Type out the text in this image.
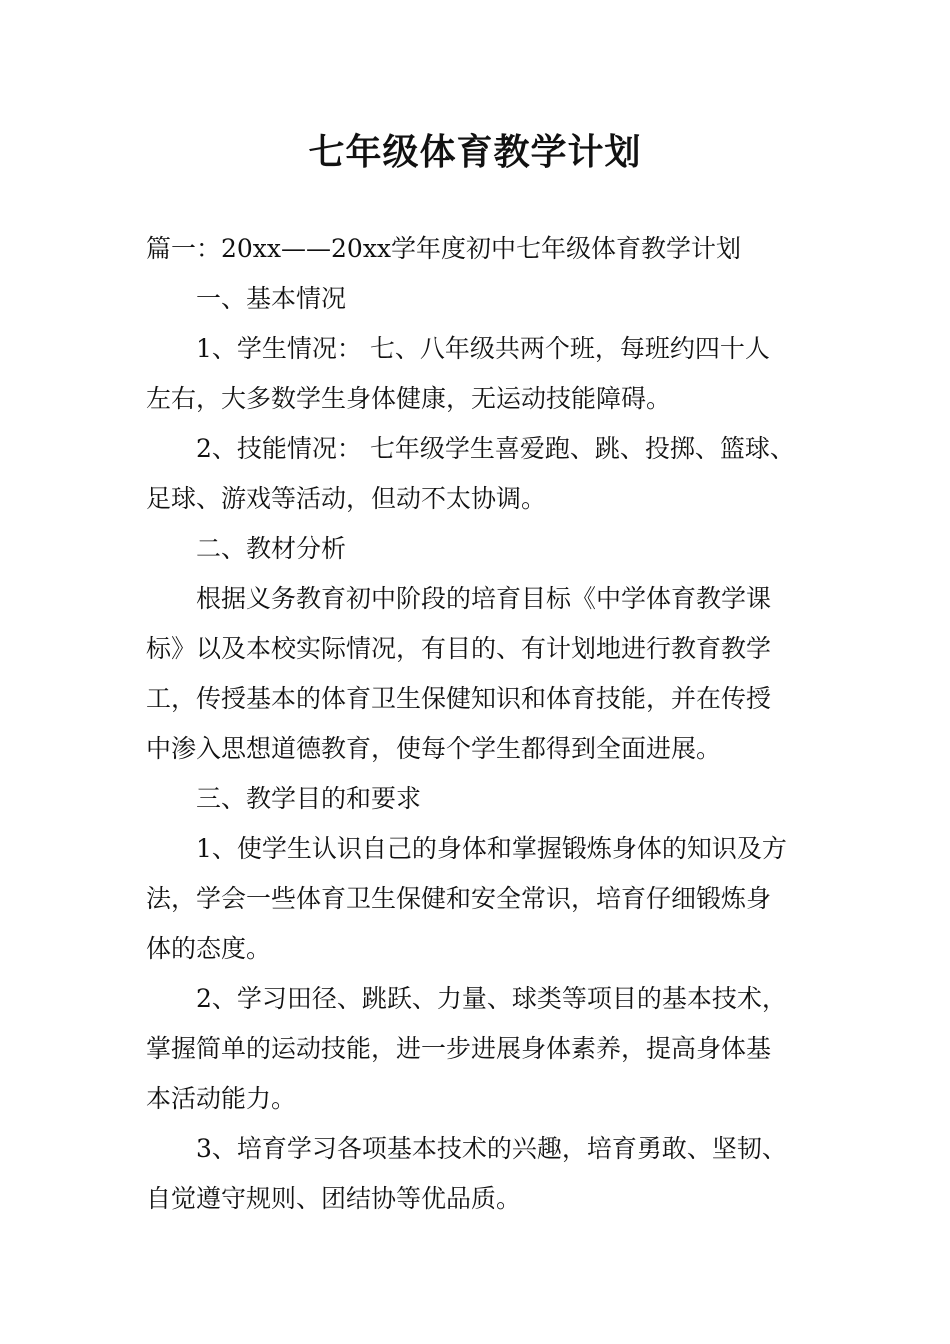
七年级体育教学计划

篇一：20xx——20xx学年度初中七年级体育教学计划

一、基本情况

1、学生情况： 七、八年级共两个班，每班约四十人

左右，大多数学生身体健康，无运动技能障碍。

2、技能情况： 七年级学生喜爱跑、跳、投掷、篮球、

足球、游戏等活动，但动不太协调。

二、教材分析

根据义务教育初中阶段的培育目标《中学体育教学课

标》以及本校实际情况，有目的、有计划地进行教育教学

工，传授基本的体育卫生保健知识和体育技能，并在传授

中渗入思想道德教育，使每个学生都得到全面进展。

三、教学目的和要求

1、使学生认识自己的身体和掌握锻炼身体的知识及方

法，学会一些体育卫生保健和安全常识，培育仔细锻炼身

体的态度。

2、学习田径、跳跃、力量、球类等项目的基本技术，

掌握简单的运动技能，进一步进展身体素养，提高身体基

本活动能力。

3、培育学习各项基本技术的兴趣，培育勇敢、坚韧、

自觉遵守规则、团结协等优品质。
